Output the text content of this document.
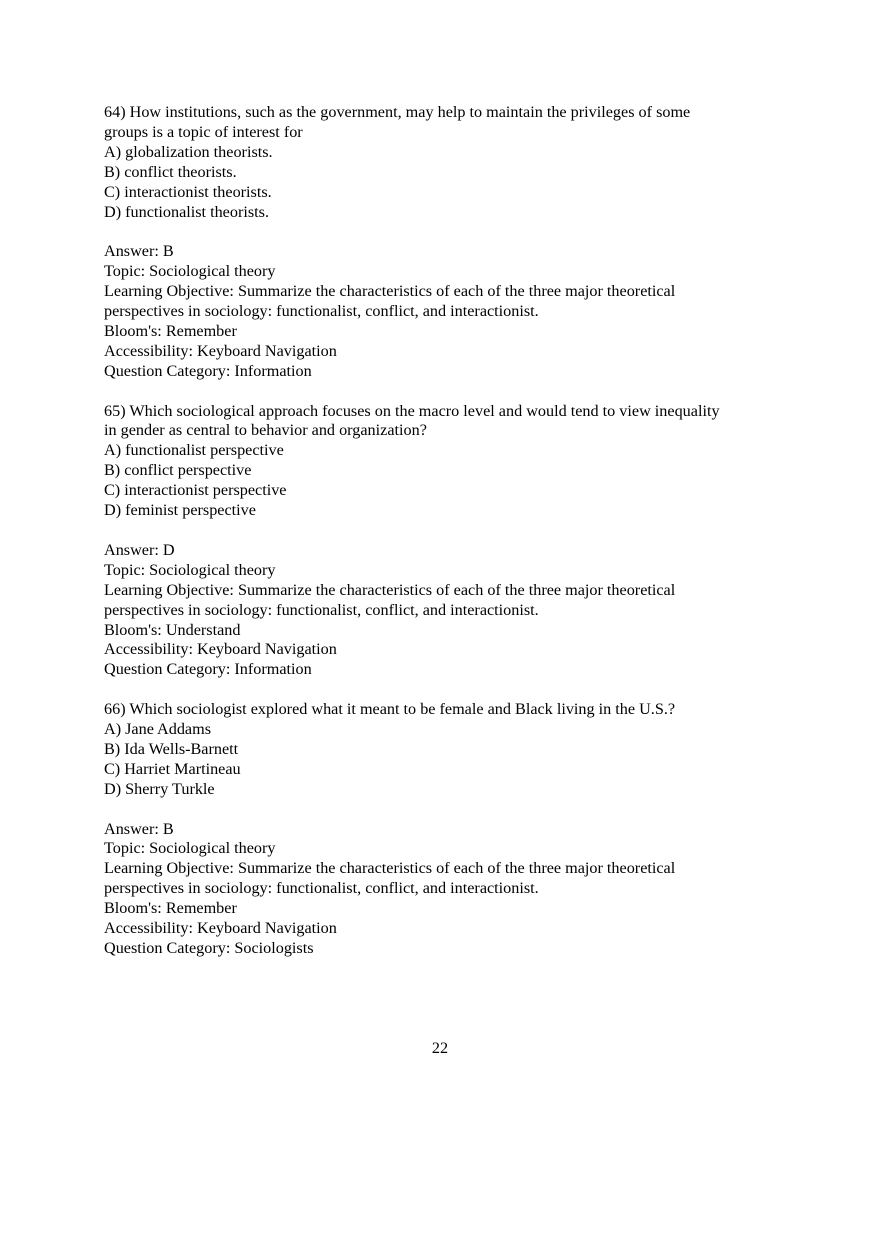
64) How institutions, such as the government, may help to maintain the privileges of some
groups is a topic of interest for
A) globalization theorists.
B) conflict theorists.
C) interactionist theorists.
D) functionalist theorists.
Answer: B
Topic: Sociological theory
Learning Objective: Summarize the characteristics of each of the three major theoretical
perspectives in sociology: functionalist, conflict, and interactionist.
Bloom's: Remember
Accessibility: Keyboard Navigation
Question Category: Information
65) Which sociological approach focuses on the macro level and would tend to view inequality
in gender as central to behavior and organization?
A) functionalist perspective
B) conflict perspective
C) interactionist perspective
D) feminist perspective
Answer: D
Topic: Sociological theory
Learning Objective: Summarize the characteristics of each of the three major theoretical
perspectives in sociology: functionalist, conflict, and interactionist.
Bloom's: Understand
Accessibility: Keyboard Navigation
Question Category: Information
66) Which sociologist explored what it meant to be female and Black living in the U.S.?
A) Jane Addams
B) Ida Wells-Barnett
C) Harriet Martineau
D) Sherry Turkle
Answer: B
Topic: Sociological theory
Learning Objective: Summarize the characteristics of each of the three major theoretical
perspectives in sociology: functionalist, conflict, and interactionist.
Bloom's: Remember
Accessibility: Keyboard Navigation
Question Category: Sociologists
22
